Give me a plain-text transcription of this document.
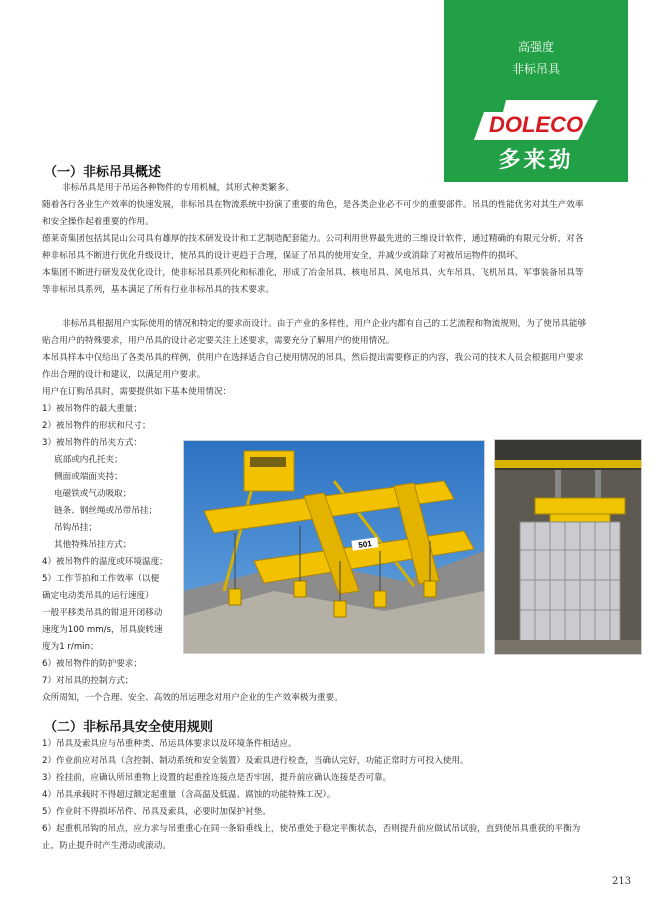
高强度
非标吊具
DOLECO
多来劲
（一）非标吊具概述
非标吊具是用于吊运各种物件的专用机械，其形式种类繁多。
随着各行各业生产效率的快速发展，非标吊具在物流系统中扮演了重要的角色，是各类企业必不可少的重要部件。吊具的性能优劣对其生产效率
和安全操作起着重要的作用。
德莱奇集团包括其昆山公司具有雄厚的技术研发设计和工艺制造配套能力。公司利用世界最先进的三维设计软件，通过精确的有限元分析，对各
种非标吊具不断进行优化升级设计，使吊具的设计更趋于合理，保证了吊具的使用安全，并减少或消除了对被吊运物件的损坏。
本集团不断进行研发及优化设计，使非标吊具系列化和标准化，形成了冶金吊具、核电吊具、风电吊具、火车吊具、飞机吊具、军事装备吊具等
等非标吊具系列，基本满足了所有行业非标吊具的技术要求。
非标吊具根据用户实际使用的情况和特定的要求而设计。由于产业的多样性，用户企业内都有自己的工艺流程和物流规则，为了使吊具能够
贴合用户的特殊要求，用户吊具的设计必定要关注上述要求，需要充分了解用户的使用情况。
本吊具样本中仅给出了各类吊具的样例，供用户在选择适合自己使用情况的吊具，然后提出需要修正的内容，我公司的技术人员会根据用户要求
作出合理的设计和建议，以满足用户要求。
用户在订购吊具时，需要提供如下基本使用情况：
1）被吊物件的最大重量；
2）被吊物件的形状和尺寸；
3）被吊物件的吊夹方式：
底部或内孔托夹；
侧面或端面夹持；
电磁铁或气动吸取；
链条、钢丝绳或吊带吊挂；
吊钩吊挂；
其他特殊吊挂方式；
4）被吊物件的温度或环境温度；
5）工作节拍和工作效率（以便
确定电动类吊具的运行速度）
一般平移类吊具的钳退开闭移动
速度为100 mm/s，吊具旋转速
度为1 r/min；
6）被吊物件的防护要求；
7）对吊具的控制方式；
众所周知，一个合理、安全、高效的吊运理念对用户企业的生产效率极为重要。
501
（二）非标吊具安全使用规则
1）吊具及索具应与吊重种类、吊运具体要求以及环境条件相适应。
2）作业前应对吊具（含控制、制动系统和安全装置）及索具进行检查，当确认完好，功能正常时方可投入使用。
3）拴挂前，应确认所吊重物上设置的起重拴连接点是否牢固，提升前应确认连接是否可靠。
4）吊具承载时不得超过额定起重量（含高温及低温、腐蚀的功能特殊工况）。
5）作业时不得损坏吊件、吊具及索具，必要时加保护衬垫。
6）起重机吊钩的吊点，应力求与吊重重心在同一条铅垂线上，使吊重处于稳定平衡状态，否则提升前应做试吊试验，直到使吊具重获的平衡为
止，防止提升时产生滑动或滚动。
213
